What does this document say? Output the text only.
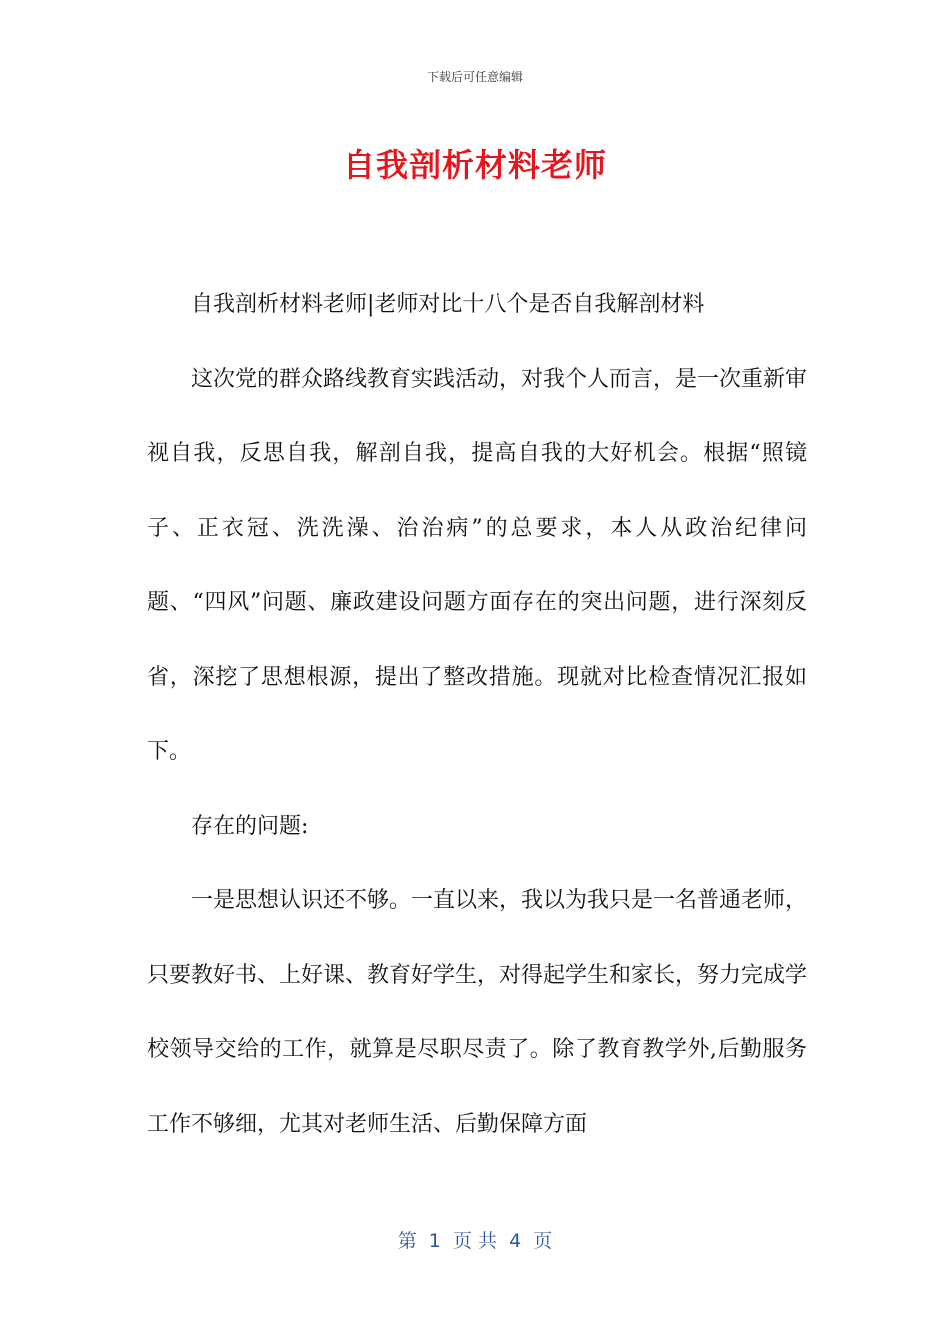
下载后可任意编辑
自我剖析材料老师

自我剖析材料老师|老师对比十八个是否自我解剖材料

这次党的群众路线教育实践活动，对我个人而言，是一次重新审视自我，反思自我，解剖自我，提高自我的大好机会。根据“照镜子、正衣冠、洗洗澡、治治病”的总要求，本人从政治纪律问题、“四风”问题、廉政建设问题方面存在的突出问题，进行深刻反省，深挖了思想根源，提出了整改措施。现就对比检查情况汇报如下。

存在的问题:

一是思想认识还不够。一直以来，我以为我只是一名普通老师，只要教好书、上好课、教育好学生，对得起学生和家长，努力完成学校领导交给的工作，就算是尽职尽责了。除了教育教学外,后勤服务工作不够细，尤其对老师生活、后勤保障方面

第  1  页 共  4  页
